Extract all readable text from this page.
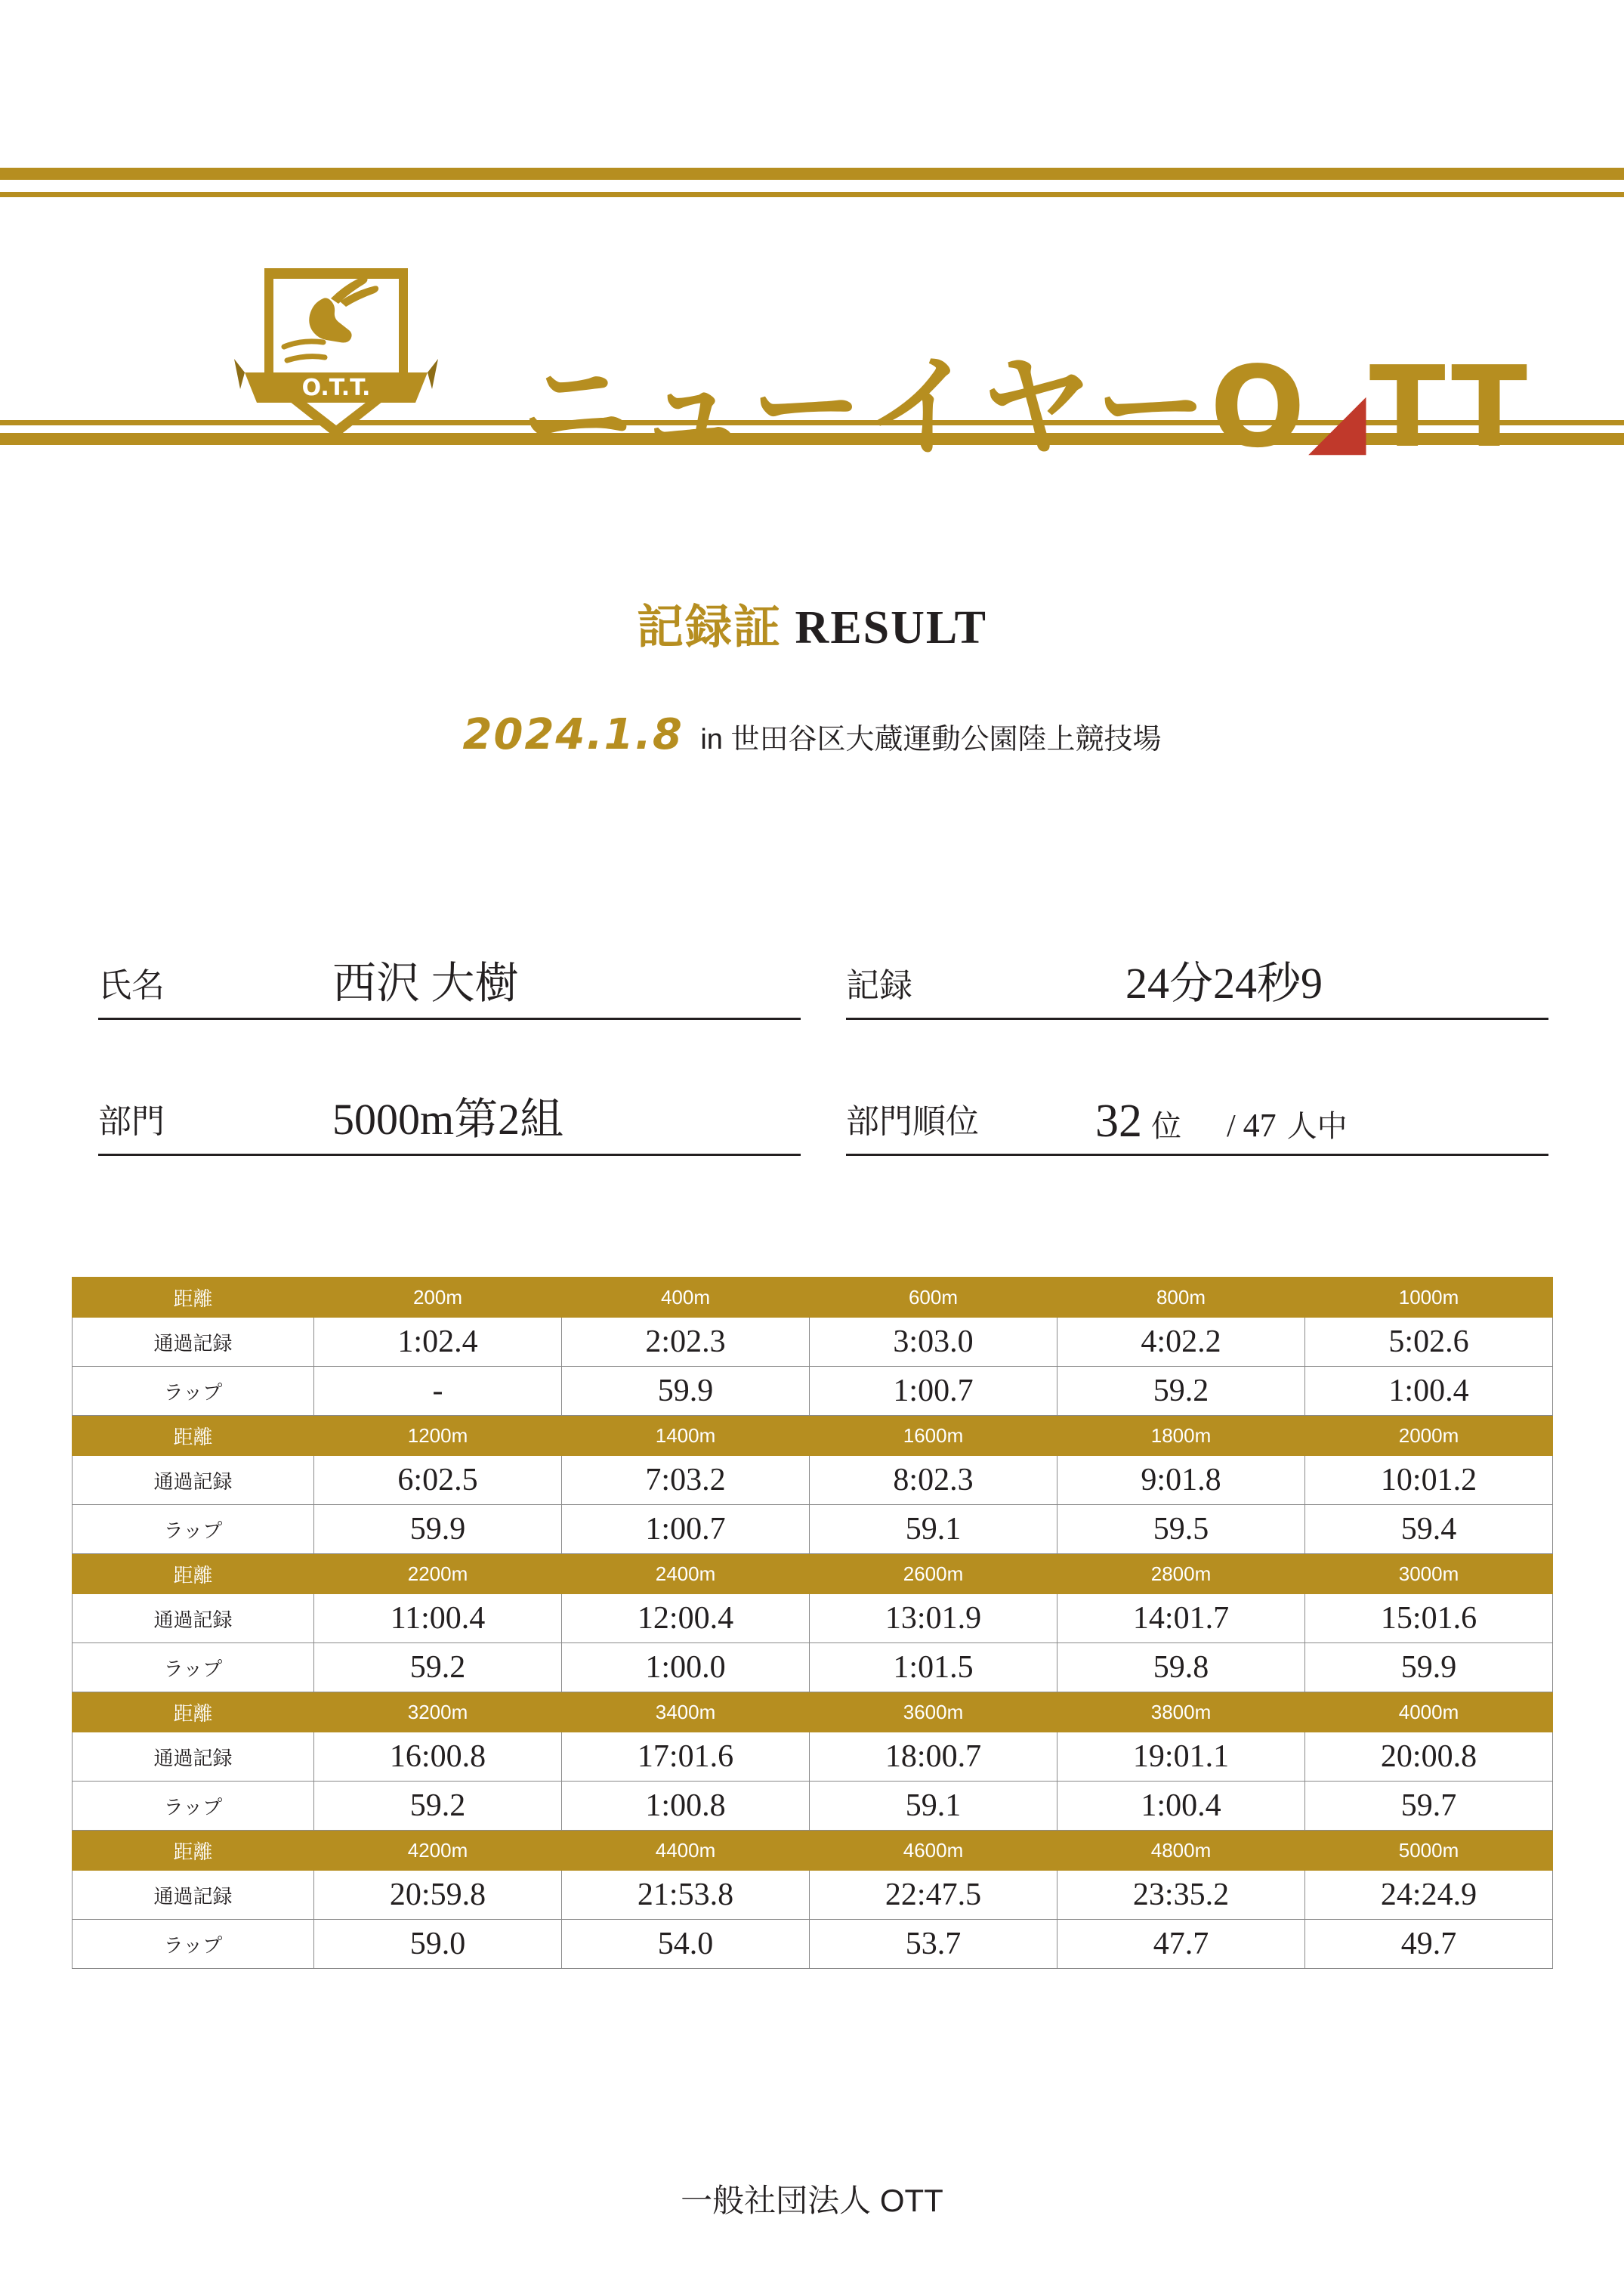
O.T.T. ニューイヤーO◢TT
記録証 RESULT
2024.1.8 in 世田谷区大蔵運動公園陸上競技場
氏名	西沢 大樹	記録	24分24秒9
部門	5000m第2組	部門順位 32 位 / 47 人中
距離	200m	400m	600m	800m	1000m
通過記録	1:02.4	2:02.3	3:03.0	4:02.2	5:02.6
ラップ	-	59.9	1:00.7	59.2	1:00.4
距離	1200m	1400m	1600m	1800m	2000m
通過記録	6:02.5	7:03.2	8:02.3	9:01.8	10:01.2
ラップ	59.9	1:00.7	59.1	59.5	59.4
距離	2200m	2400m	2600m	2800m	3000m
通過記録	11:00.4	12:00.4	13:01.9	14:01.7	15:01.6
ラップ	59.2	1:00.0	1:01.5	59.8	59.9
距離	3200m	3400m	3600m	3800m	4000m
通過記録	16:00.8	17:01.6	18:00.7	19:01.1	20:00.8
ラップ	59.2	1:00.8	59.1	1:00.4	59.7
距離	4200m	4400m	4600m	4800m	5000m
通過記録	20:59.8	21:53.8	22:47.5	23:35.2	24:24.9
ラップ	59.0	54.0	53.7	47.7	49.7
一般社団法人 OTT
